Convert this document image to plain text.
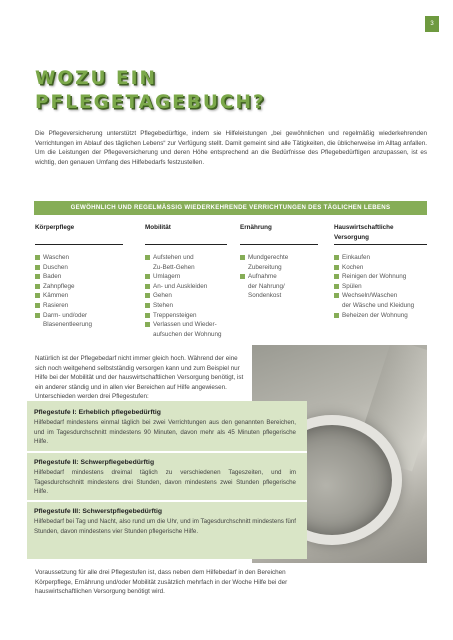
3
WOZU EIN
PFLEGETAGEBUCH?

Die Pflegeversicherung unterstützt Pflegebedürftige, indem sie Hilfeleistungen „bei gewöhnlichen und regelmäßig wiederkehrenden Verrichtungen im Ablauf des täglichen Lebens“ zur Verfügung stellt. Damit gemeint sind alle Tätigkeiten, die üblicherweise im Alltag anfallen. Um die Leistungen der Pflegeversicherung und deren Höhe entsprechend an die Bedürfnisse des Pflegebedürftigen anzupassen, ist es wichtig, den genauen Umfang des Hilfebedarfs festzustellen.

GEWÖHNLICH UND REGELMÄSSIG WIEDERKEHRENDE VERRICHTUNGEN DES TÄGLICHEN LEBENS
Körperpflege
Waschen
Duschen
Baden
Zahnpflege
Kämmen
Rasieren
Darm- und/oder
Blasenentleerung
Mobilität
Aufstehen und
Zu-Bett-Gehen
Umlagern
An- und Auskleiden
Gehen
Stehen
Treppensteigen
Verlassen und Wieder-
aufsuchen der Wohnung
Ernährung
Mundgerechte
Zubereitung
Aufnahme
der Nahrung/
Sondenkost
Hauswirtschaftliche Versorgung
Einkaufen
Kochen
Reinigen der Wohnung
Spülen
Wechseln/Waschen
der Wäsche und Kleidung
Beheizen der Wohnung

Natürlich ist der Pflegebedarf nicht immer gleich hoch. Während der eine sich noch weitgehend selbstständig versorgen kann und zum Beispiel nur Hilfe bei der Mobilität und der hauswirtschaftlichen Versorgung benötigt, ist ein anderer ständig und in allen vier Bereichen auf Hilfe angewiesen. Unterschieden werden drei Pflegestufen:

Pflegestufe I: Erheblich pflegebedürftig
Hilfebedarf mindestens einmal täglich bei zwei Verrichtungen aus den genannten Bereichen, und im Tagesdurchschnitt mindestens 90 Minuten, davon mehr als 45 Minuten pflegerische Hilfe.
Pflegestufe II: Schwerpflegebedürftig
Hilfebedarf mindestens dreimal täglich zu verschiedenen Tageszeiten, und im Tagesdurchschnitt mindestens drei Stunden, davon mindestens zwei Stunden pflegerische Hilfe.
Pflegestufe III: Schwerstpflegebedürftig
Hilfebedarf bei Tag und Nacht, also rund um die Uhr, und im Tagesdurchschnitt mindestens fünf Stunden, davon mindestens vier Stunden pflegerische Hilfe.

Voraussetzung für alle drei Pflegestufen ist, dass neben dem Hilfebedarf in den Bereichen Körperpflege, Ernährung und/oder Mobilität zusätzlich mehrfach in der Woche Hilfe bei der hauswirtschaftlichen Versorgung benötigt wird.
